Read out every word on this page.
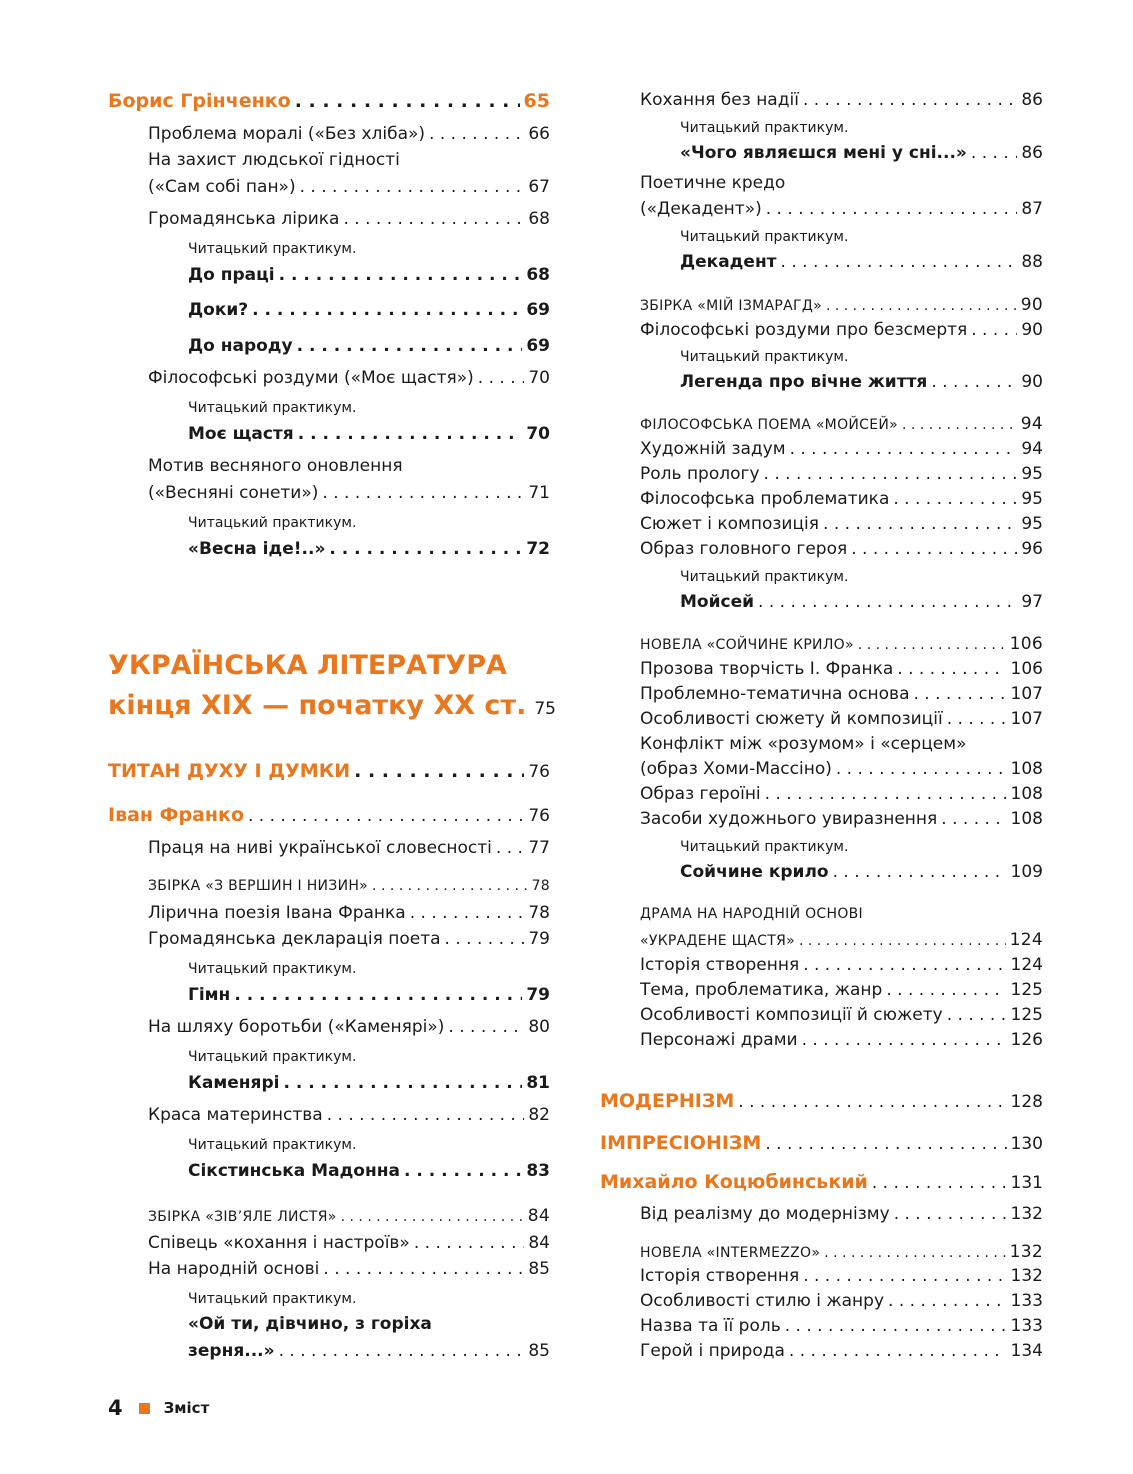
Борис Грінченко . . .	65
Проблема моралі («Без хліба») . . .	66
На захист людської гідності
(«Сам собі пан») . . .	67
Громадянська лірика . . .	68
Читацький практикум.
До праці . . .	68
Доки? . . .	69
До народу . . .	69
Філософські роздуми («Моє щастя») . . .	70
Читацький практикум.
Моє щастя . . .	70
Мотив весняного оновлення
(«Весняні сонети») . . .	71
Читацький практикум.
«Весна іде!..» . . .	72
УКРАЇНСЬКА ЛІТЕРАТУРА
кінця ХІХ — початку ХХ ст. 75
ТИТАН ДУХУ І ДУМКИ . . .	76
Іван Франко . . .	76
Праця на ниві української словесності . . . 77
ЗБІРКА «З ВЕРШИН І НИЗИН» . . .	78
Лірична поезія Івана Франка . . .	78
Громадянська декларація поета . . .	79
Читацький практикум.
Гімн . . .	79
На шляху боротьби («Каменярі») . . .	80
Читацький практикум.
Каменярі . . .	81
Краса материнства . . .	82
Читацький практикум.
Сікстинська Мадонна . . .	83
ЗБІРКА «ЗІВ’ЯЛЕ ЛИСТЯ» . . .	84
Співець «кохання і настроїв» . . .	84
На народній основі . . .	85
Читацький практикум.
«Ой ти, дівчино, з горіха
зерня...» . . .	85
Кохання без надії . . .	86
Читацький практикум.
«Чого являєшся мені у сні...» . . .	86
Поетичне кредо
(«Декадент») . . .	87
Читацький практикум.
Декадент . . .	88
ЗБІРКА «МІЙ ІЗМАРАГД» . . .	90
Філософські роздуми про безсмертя . . .	90
Читацький практикум.
Легенда про вічне життя . . .	90
ФІЛОСОФСЬКА ПОЕМА «МОЙСЕЙ» . . .	94
Художній задум . . .	94
Роль прологу . . .	95
Філософська проблематика . . .	95
Сюжет і композиція . . .	95
Образ головного героя . . .	96
Читацький практикум.
Мойсей . . .	97
НОВЕЛА «СОЙЧИНЕ КРИЛО» . . .	106
Прозова творчість І. Франка . . .	106
Проблемно-тематична основа . . .	107
Особливості сюжету й композиції . . .	107
Конфлікт між «розумом» і «серцем»
(образ Хоми-Массіно) . . .	108
Образ героїні . . .	108
Засоби художнього увиразнення . . .	108
Читацький практикум.
Сойчине крило . . .	109
ДРАМА НА НАРОДНІЙ ОСНОВІ
«УКРАДЕНЕ ЩАСТЯ» . . .	124
Історія створення . . .	124
Тема, проблематика, жанр . . .	125
Особливості композиції й сюжету . . .	125
Персонажі драми . . .	126
МОДЕРНІЗМ . . .	128
ІМПРЕСІОНІЗМ . . .	130
Михайло Коцюбинський . . .	131
Від реалізму до модернізму . . .	132
НОВЕЛА «INTERMEZZO» . . .	132
Історія створення . . .	132
Особливості стилю і жанру . . .	133
Назва та її роль . . .	133
Герой і природа . . .	134
4	Зміст
